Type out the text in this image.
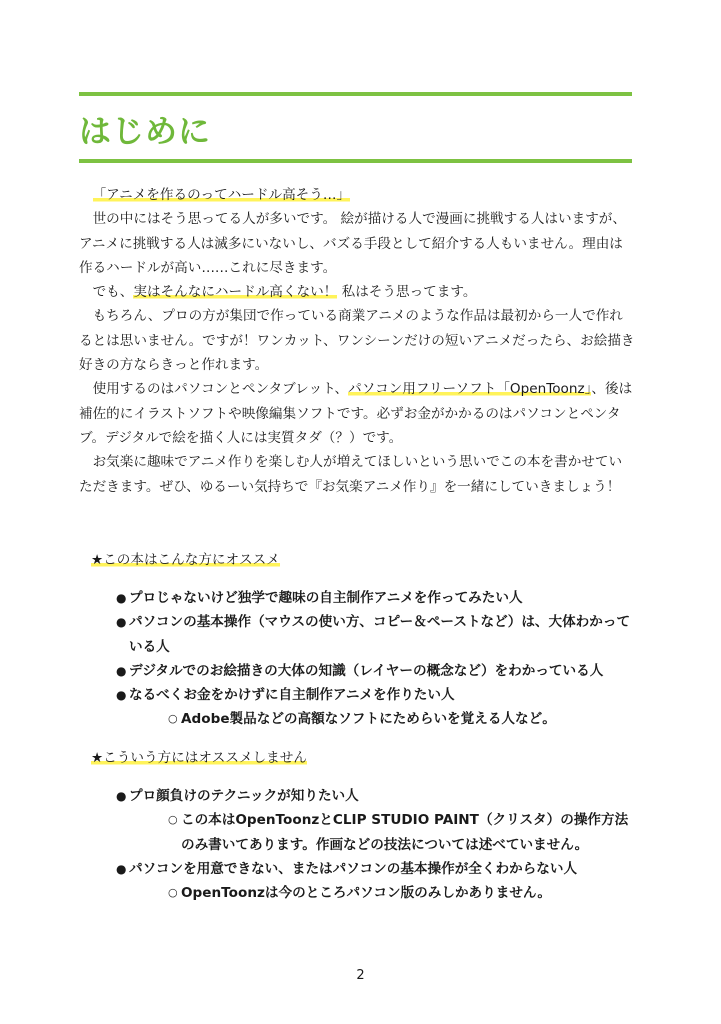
はじめに

「アニメを作るのってハードル高そう…」

世の中にはそう思ってる人が多いです。 絵が描ける人で漫画に挑戦する人はいますが、アニメに挑戦する人は滅多にいないし、バズる手段として紹介する人もいません。理由は作るハードルが高い……これに尽きます。

でも、実はそんなにハードル高くない！ 私はそう思ってます。

もちろん、プロの方が集団で作っている商業アニメのような作品は最初から一人で作れるとは思いません。ですが！ワンカット、ワンシーンだけの短いアニメだったら、お絵描き好きの方ならきっと作れます。

使用するのはパソコンとペンタブレット、パソコン用フリーソフト「OpenToonz」、後は補佐的にイラストソフトや映像編集ソフトです。必ずお金がかかるのはパソコンとペンタブ。デジタルで絵を描く人には実質タダ（？）です。

お気楽に趣味でアニメ作りを楽しむ人が増えてほしいという思いでこの本を書かせていただきます。ぜひ、ゆるーい気持ちで『お気楽アニメ作り』を一緒にしていきましょう！

★この本はこんな方にオススメ
● プロじゃないけど独学で趣味の自主制作アニメを作ってみたい人
● パソコンの基本操作（マウスの使い方、コピー＆ペーストなど）は、大体わかっている人
● デジタルでのお絵描きの大体の知識（レイヤーの概念など）をわかっている人
● なるべくお金をかけずに自主制作アニメを作りたい人
○ Adobe製品などの高額なソフトにためらいを覚える人など。
★こういう方にはオススメしません
● プロ顔負けのテクニックが知りたい人
○ この本はOpenToonzとCLIP STUDIO PAINT（クリスタ）の操作方法のみ書いてあります。作画などの技法については述べていません。
● パソコンを用意できない、またはパソコンの基本操作が全くわからない人
○ OpenToonzは今のところパソコン版のみしかありません。
2
